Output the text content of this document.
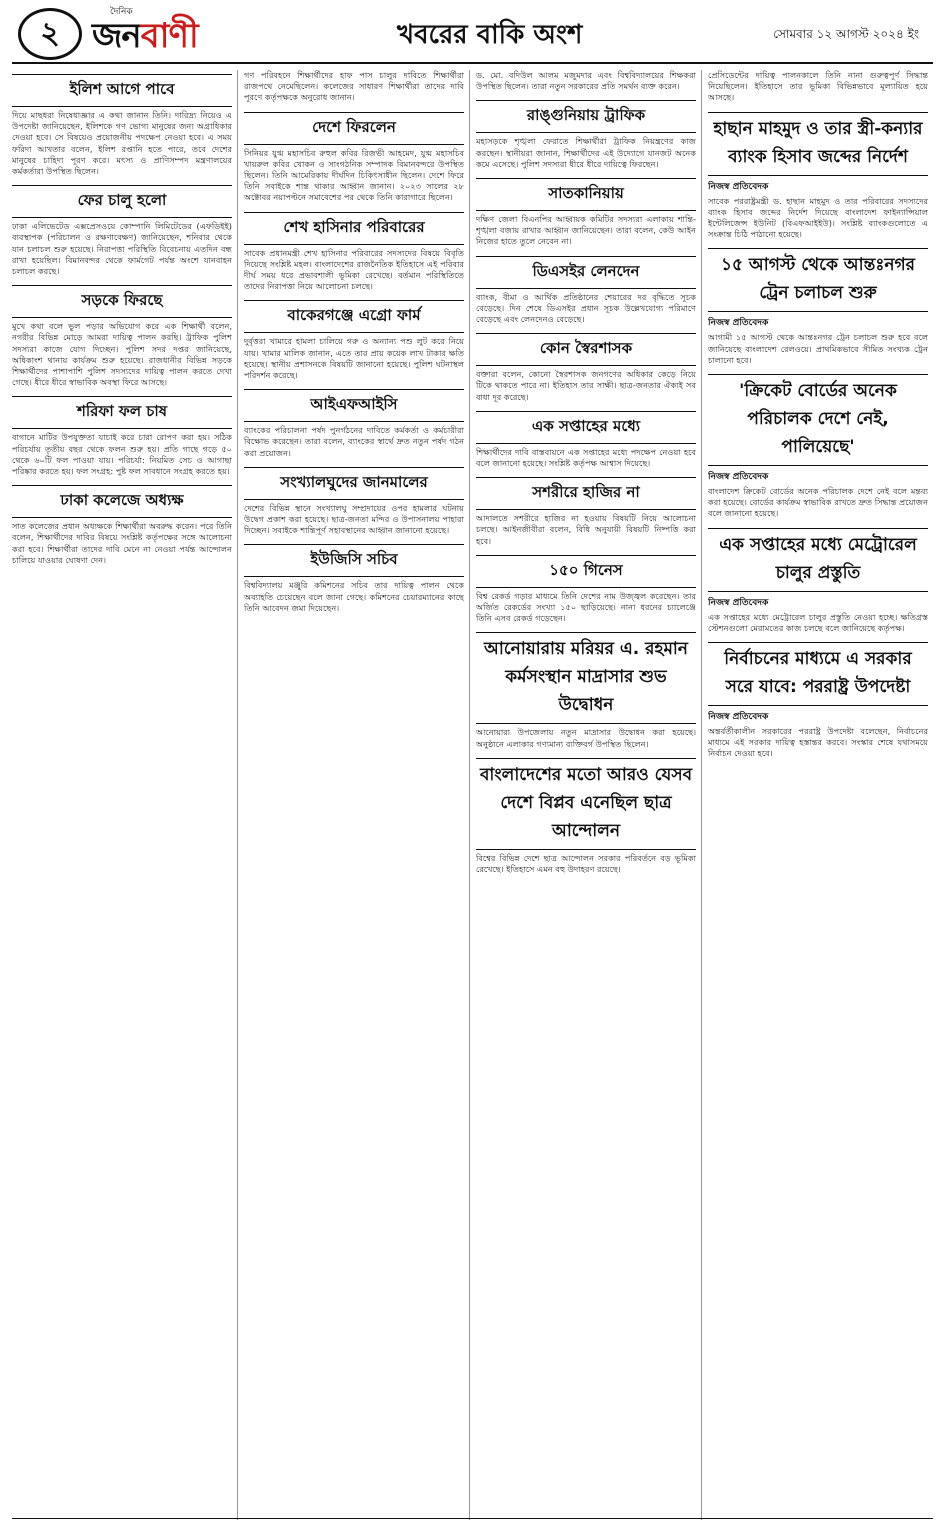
২
দৈনিক
জনবাণী	খবরের বাকি অংশ	সোমবার ১২ আগস্ট ২০২৪ ইং
ইলিশ আগে পাবে

দিয়ে মাছধরা নিষেধাজ্ঞার এ কথা জানান তিনি। দারিদ্র্য নিয়েও এ উপদেষ্টা জানিয়েছেন, ইলিশকে গণ ভোগ্য মানুষের জন্য অগ্রাধিকার দেওয়া হবে। সে বিষয়েও প্রয়োজনীয় পদক্ষেপ নেওয়া হবে। এ সময় ফরিদা আখতার বলেন, ইলিশ রপ্তানি হতে পারে, তবে দেশের মানুষের চাহিদা পূরণ করে। মৎস্য ও প্রাণিসম্পদ মন্ত্রণালয়ের কর্মকর্তারা উপস্থিত ছিলেন।

ফের চালু হলো

ঢাকা এলিভেটেড এক্সপ্রেসওয়ে কোম্পানি লিমিটেডের (এফডিইই) ব্যবস্থাপক (পরিচালন ও রক্ষণাবেক্ষণ) জানিয়েছেন, শনিবার থেকে যান চলাচল শুরু হয়েছে। নিরাপত্তা পরিস্থিতি বিবেচনায় এতদিন বন্ধ রাখা হয়েছিল। বিমানবন্দর থেকে ফার্মগেট পর্যন্ত অংশে যানবাহন চলাচল করছে।

সড়কে ফিরছে

মুখে কথা বলে ভুল পড়ার অভিযোগ করে এক শিক্ষার্থী বলেন, নগরীর বিভিন্ন মোড়ে আমরা দায়িত্ব পালন করছি। ট্রাফিক পুলিশ সদস্যরা কাজে যোগ দিচ্ছেন। পুলিশ সদর দপ্তর জানিয়েছে, অধিকাংশ থানায় কার্যক্রম শুরু হয়েছে। রাজধানীর বিভিন্ন সড়কে শিক্ষার্থীদের পাশাপাশি পুলিশ সদস্যদের দায়িত্ব পালন করতে দেখা গেছে। ধীরে ধীরে স্বাভাবিক অবস্থা ফিরে আসছে।

শরিফা ফল চাষ

বাগানে মাটির উপযুক্ততা যাচাই করে চারা রোপণ করা হয়। সঠিক পরিচর্যায় তৃতীয় বছর থেকে ফলন শুরু হয়। প্রতি গাছে গড়ে ৫০ থেকে ৬০টি ফল পাওয়া যায়। পরিচর্যা: নিয়মিত সেচ ও আগাছা পরিষ্কার করতে হয়। ফল সংগ্রহ: পুষ্ট ফল সাবধানে সংগ্রহ করতে হয়।

ঢাকা কলেজে অধ্যক্ষ

সাত কলেজের প্রধান অধ্যক্ষকে শিক্ষার্থীরা অবরুদ্ধ করেন। পরে তিনি বলেন, শিক্ষার্থীদের দাবির বিষয়ে সংশ্লিষ্ট কর্তৃপক্ষের সঙ্গে আলোচনা করা হবে। শিক্ষার্থীরা তাদের দাবি মেনে না নেওয়া পর্যন্ত আন্দোলন চালিয়ে যাওয়ার ঘোষণা দেন।

গণ পরিবহনে শিক্ষার্থীদের হাফ পাস চালুর দাবিতে শিক্ষার্থীরা রাজপথে নেমেছিলেন। কলেজের সাধারণ শিক্ষার্থীরা তাদের দাবি পূরণে কর্তৃপক্ষকে অনুরোধ জানান।

দেশে ফিরলেন

সিনিয়র যুগ্ম মহাসচিব রুহুল কবির রিজভী আহমেদ, যুগ্ম মহাসচিব খায়রুল কবির খোকন ও সাংগঠনিক সম্পাদক বিমানবন্দরে উপস্থিত ছিলেন। তিনি আমেরিকায় দীর্ঘদিন চিকিৎসাধীন ছিলেন। দেশে ফিরে তিনি সবাইকে শান্ত থাকার আহ্বান জানান। ২০২৩ সালের ২৮ অক্টোবর নয়াপল্টনে সমাবেশের পর থেকে তিনি কারাগারে ছিলেন।

শেখ হাসিনার পরিবারের

সাবেক প্রধানমন্ত্রী শেখ হাসিনার পরিবারের সদস্যদের বিষয়ে বিবৃতি দিয়েছে সংশ্লিষ্ট মহল। বাংলাদেশের রাজনৈতিক ইতিহাসে এই পরিবার দীর্ঘ সময় ধরে প্রভাবশালী ভূমিকা রেখেছে। বর্তমান পরিস্থিতিতে তাদের নিরাপত্তা নিয়ে আলোচনা চলছে।

বাকেরগঞ্জে এগ্রো ফার্ম

দুর্বৃত্তরা খামারে হামলা চালিয়ে গরু ও অন্যান্য পশু লুট করে নিয়ে যায়। খামার মালিক জানান, এতে তার প্রায় কয়েক লাখ টাকার ক্ষতি হয়েছে। স্থানীয় প্রশাসনকে বিষয়টি জানানো হয়েছে। পুলিশ ঘটনাস্থল পরিদর্শন করেছে।

আইএফআইসি

ব্যাংকের পরিচালনা পর্ষদ পুনর্গঠনের দাবিতে কর্মকর্তা ও কর্মচারীরা বিক্ষোভ করেছেন। তারা বলেন, ব্যাংকের স্বার্থে দ্রুত নতুন পর্ষদ গঠন করা প্রয়োজন।

সংখ্যালঘুদের জানমালের

দেশের বিভিন্ন স্থানে সংখ্যালঘু সম্প্রদায়ের ওপর হামলার ঘটনায় উদ্বেগ প্রকাশ করা হয়েছে। ছাত্র-জনতা মন্দির ও উপাসনালয় পাহারা দিচ্ছেন। সবাইকে শান্তিপূর্ণ সহাবস্থানের আহ্বান জানানো হয়েছে।

ইউজিসি সচিব

বিশ্ববিদ্যালয় মঞ্জুরি কমিশনের সচিব তার দায়িত্ব পালন থেকে অব্যাহতি চেয়েছেন বলে জানা গেছে। কমিশনের চেয়ারম্যানের কাছে তিনি আবেদন জমা দিয়েছেন।

ড. মো. বদিউল আলম মজুমদার এবং বিশ্ববিদ্যালয়ের শিক্ষকরা উপস্থিত ছিলেন। তারা নতুন সরকারের প্রতি সমর্থন ব্যক্ত করেন।

রাঙ্গুনিয়ায় ট্রাফিক

মহাসড়কে শৃঙ্খলা ফেরাতে শিক্ষার্থীরা ট্রাফিক নিয়ন্ত্রণের কাজ করছেন। স্থানীয়রা জানান, শিক্ষার্থীদের এই উদ্যোগে যানজট অনেক কমে এসেছে। পুলিশ সদস্যরা ধীরে ধীরে দায়িত্বে ফিরছেন।

সাতকানিয়ায়

দক্ষিণ জেলা বিএনপির আহ্বায়ক কমিটির সদস্যরা এলাকায় শান্তি-শৃঙ্খলা বজায় রাখার আহ্বান জানিয়েছেন। তারা বলেন, কেউ আইন নিজের হাতে তুলে নেবেন না।

ডিএসইর লেনদেন

ব্যাংক, বীমা ও আর্থিক প্রতিষ্ঠানের শেয়ারের দর বৃদ্ধিতে সূচক বেড়েছে। দিন শেষে ডিএসইর প্রধান সূচক উল্লেখযোগ্য পরিমাণে বেড়েছে এবং লেনদেনও বেড়েছে।

কোন স্বৈরশাসক

বক্তারা বলেন, কোনো স্বৈরশাসক জনগণের অধিকার কেড়ে নিয়ে টিকে থাকতে পারে না। ইতিহাস তার সাক্ষী। ছাত্র-জনতার ঐক্যই সব বাধা দূর করেছে।

এক সপ্তাহের মধ্যে

শিক্ষার্থীদের দাবি বাস্তবায়নে এক সপ্তাহের মধ্যে পদক্ষেপ নেওয়া হবে বলে জানানো হয়েছে। সংশ্লিষ্ট কর্তৃপক্ষ আশ্বাস দিয়েছে।

সশরীরে হাজির না

আদালতে সশরীরে হাজির না হওয়ায় বিষয়টি নিয়ে আলোচনা চলছে। আইনজীবীরা বলেন, বিধি অনুযায়ী বিষয়টি নিষ্পত্তি করা হবে।

১৫০ গিনেস

বিশ্ব রেকর্ড গড়ার মাধ্যমে তিনি দেশের নাম উজ্জ্বল করেছেন। তার অর্জিত রেকর্ডের সংখ্যা ১৫০ ছাড়িয়েছে। নানা ধরনের চ্যালেঞ্জে তিনি এসব রেকর্ড গড়েছেন।

আনোয়ারায় মরিয়র এ. রহমান কর্মসংস্থান মাদ্রাসার শুভ উদ্বোধন

আনোয়ারা উপজেলায় নতুন মাদ্রাসার উদ্বোধন করা হয়েছে। অনুষ্ঠানে এলাকার গণ্যমান্য ব্যক্তিবর্গ উপস্থিত ছিলেন।

বাংলাদেশের মতো আরও যেসব দেশে বিপ্লব এনেছিল ছাত্র আন্দোলন

বিশ্বের বিভিন্ন দেশে ছাত্র আন্দোলন সরকার পরিবর্তনে বড় ভূমিকা রেখেছে। ইতিহাসে এমন বহু উদাহরণ রয়েছে।

প্রেসিডেন্টের দায়িত্ব পালনকালে তিনি নানা গুরুত্বপূর্ণ সিদ্ধান্ত নিয়েছিলেন। ইতিহাসে তার ভূমিকা বিভিন্নভাবে মূল্যায়িত হয়ে আসছে।

হাছান মাহমুদ ও তার স্ত্রী-কন্যার ব্যাংক হিসাব জব্দের নির্দেশ
নিজস্ব প্রতিবেদক

সাবেক পররাষ্ট্রমন্ত্রী ড. হাছান মাহমুদ ও তার পরিবারের সদস্যদের ব্যাংক হিসাব জব্দের নির্দেশ দিয়েছে বাংলাদেশ ফাইন্যান্সিয়াল ইন্টেলিজেন্স ইউনিট (বিএফআইইউ)। সংশ্লিষ্ট ব্যাংকগুলোতে এ সংক্রান্ত চিঠি পাঠানো হয়েছে।

১৫ আগস্ট থেকে আন্তঃনগর ট্রেন চলাচল শুরু
নিজস্ব প্রতিবেদক

আগামী ১৫ আগস্ট থেকে আন্তঃনগর ট্রেন চলাচল শুরু হবে বলে জানিয়েছে বাংলাদেশ রেলওয়ে। প্রাথমিকভাবে সীমিত সংখ্যক ট্রেন চালানো হবে।

'ক্রিকেট বোর্ডের অনেক পরিচালক দেশে নেই, পালিয়েছে'
নিজস্ব প্রতিবেদক

বাংলাদেশ ক্রিকেট বোর্ডের অনেক পরিচালক দেশে নেই বলে মন্তব্য করা হয়েছে। বোর্ডের কার্যক্রম স্বাভাবিক রাখতে দ্রুত সিদ্ধান্ত প্রয়োজন বলে জানানো হয়েছে।

এক সপ্তাহের মধ্যে মেট্রোরেল চালুর প্রস্তুতি
নিজস্ব প্রতিবেদক

এক সপ্তাহের মধ্যে মেট্রোরেল চালুর প্রস্তুতি নেওয়া হচ্ছে। ক্ষতিগ্রস্ত স্টেশনগুলো মেরামতের কাজ চলছে বলে জানিয়েছে কর্তৃপক্ষ।

নির্বাচনের মাধ্যমে এ সরকার সরে যাবে: পররাষ্ট্র উপদেষ্টা
নিজস্ব প্রতিবেদক

অন্তর্বর্তীকালীন সরকারের পররাষ্ট্র উপদেষ্টা বলেছেন, নির্বাচনের মাধ্যমে এই সরকার দায়িত্ব হস্তান্তর করবে। সংস্কার শেষে যথাসময়ে নির্বাচন দেওয়া হবে।
